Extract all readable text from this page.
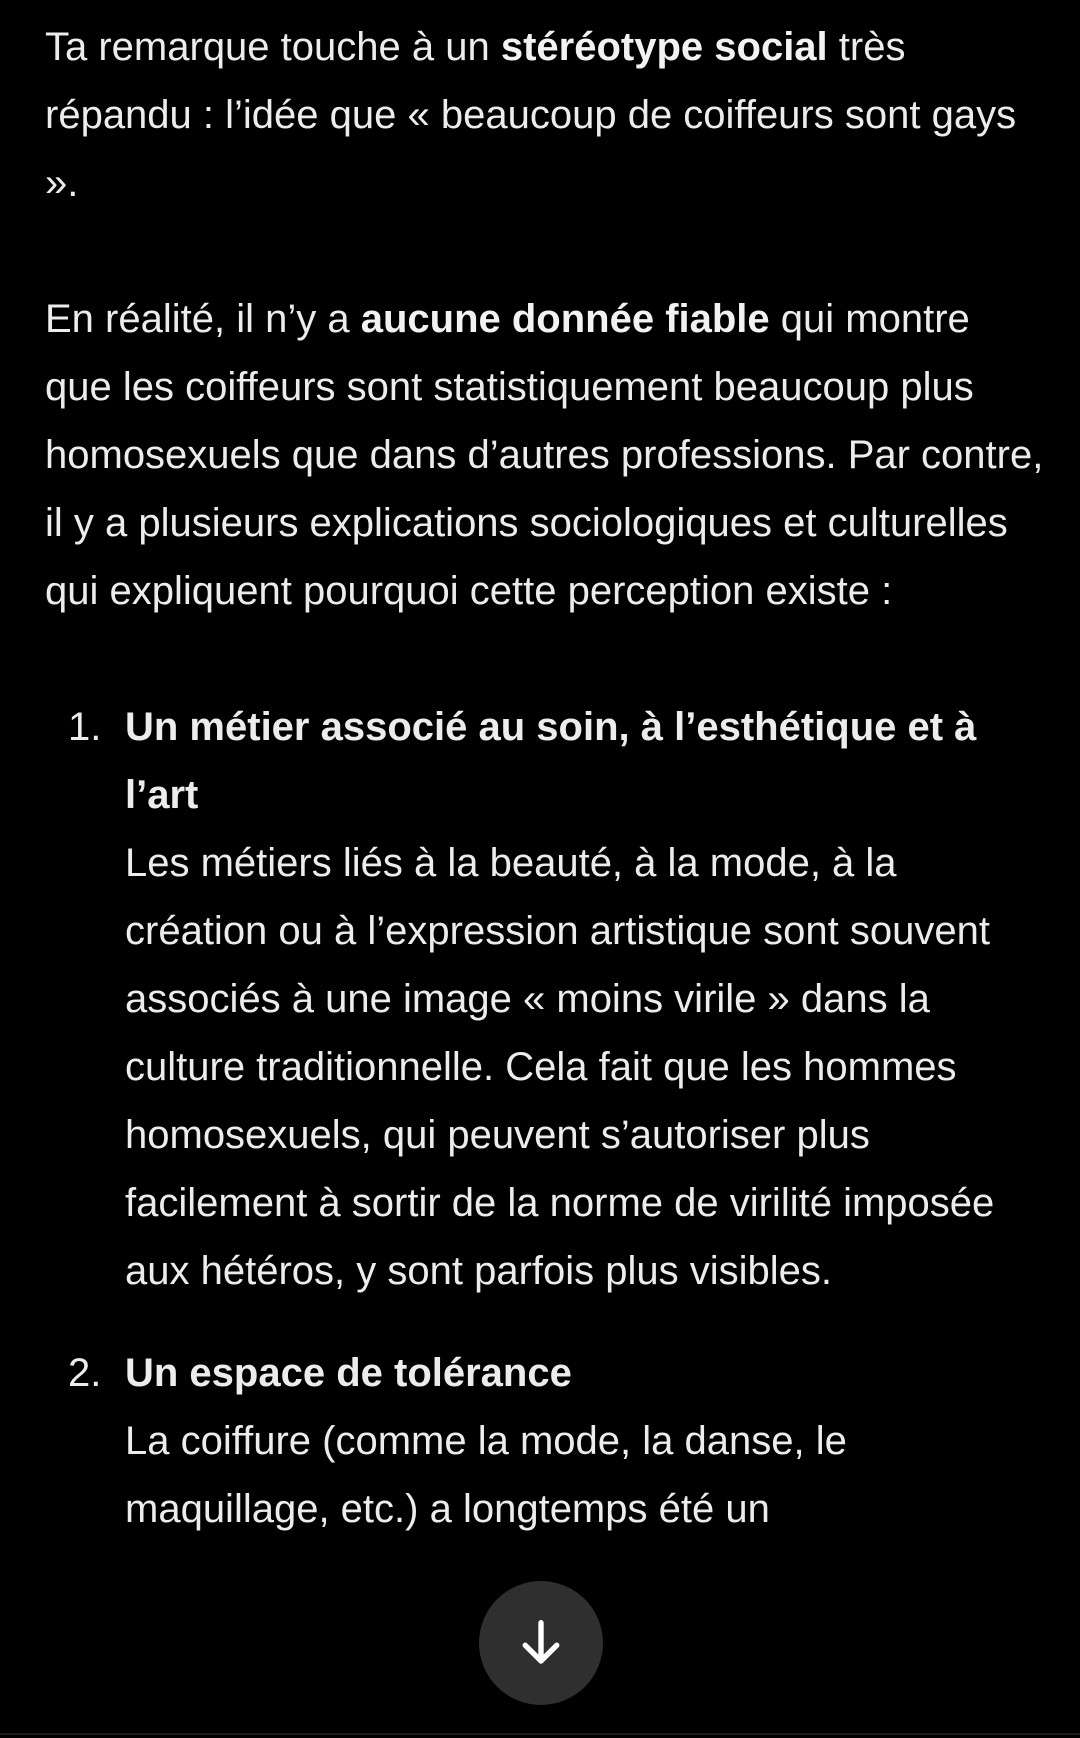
Ta remarque touche à un stéréotype social très répandu : l’idée que « beaucoup de coiffeurs sont gays ».

En réalité, il n’y a aucune donnée fiable qui montre que les coiffeurs sont statistiquement beaucoup plus homosexuels que dans d’autres professions. Par contre, il y a plusieurs explications sociologiques et culturelles qui expliquent pourquoi cette perception existe :

1. Un métier associé au soin, à l’esthétique et à l’art
Les métiers liés à la beauté, à la mode, à la création ou à l’expression artistique sont souvent associés à une image « moins virile » dans la culture traditionnelle. Cela fait que les hommes homosexuels, qui peuvent s’autoriser plus facilement à sortir de la norme de virilité imposée aux hétéros, y sont parfois plus visibles.
2. Un espace de tolérance
La coiffure (comme la mode, la danse, le maquillage, etc.) a longtemps été un
